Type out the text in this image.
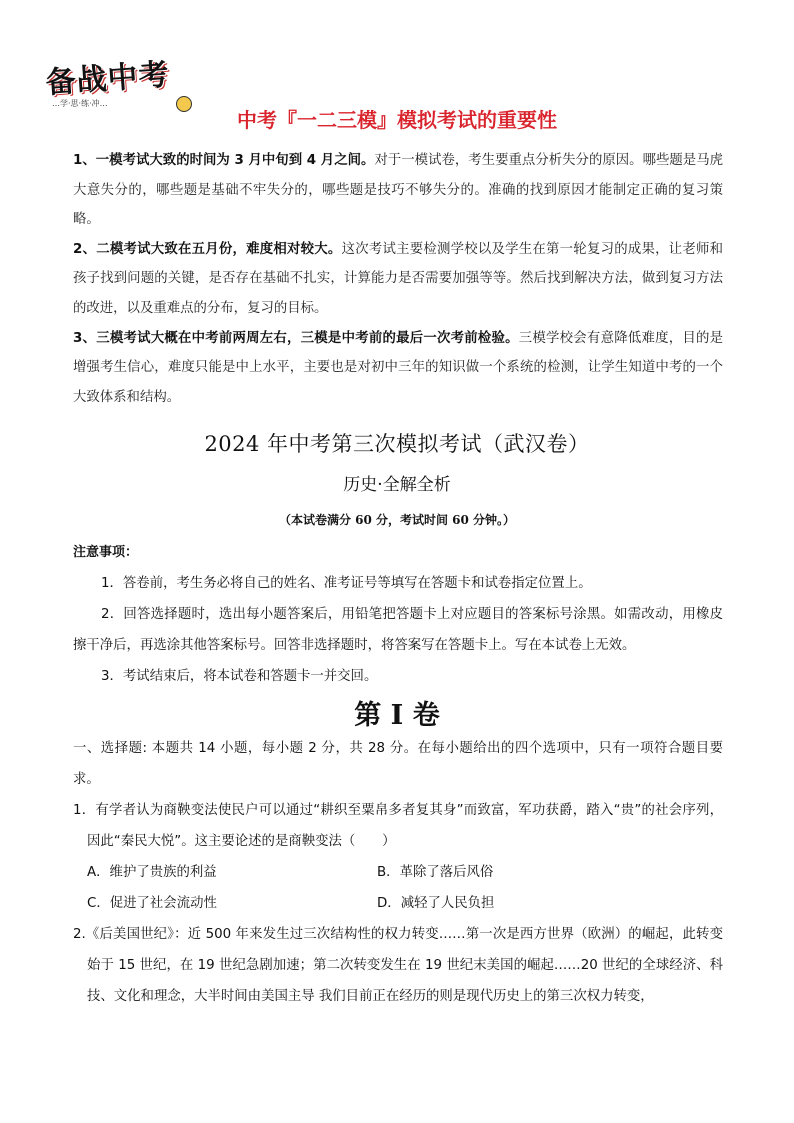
备战中考
…学·思·练·冲…
中考『一二三模』模拟考试的重要性

1、一模考试大致的时间为 3 月中旬到 4 月之间。对于一模试卷，考生要重点分析失分的原因。哪些题是马虎大意失分的，哪些题是基础不牢失分的，哪些题是技巧不够失分的。准确的找到原因才能制定正确的复习策略。

2、二模考试大致在五月份，难度相对较大。这次考试主要检测学校以及学生在第一轮复习的成果，让老师和孩子找到问题的关键，是否存在基础不扎实，计算能力是否需要加强等等。然后找到解决方法，做到复习方法的改进，以及重难点的分布，复习的目标。

3、三模考试大概在中考前两周左右，三模是中考前的最后一次考前检验。三模学校会有意降低难度，目的是增强考生信心，难度只能是中上水平，主要也是对初中三年的知识做一个系统的检测，让学生知道中考的一个大致体系和结构。

2024 年中考第三次模拟考试（武汉卷）
历史·全解全析
（本试卷满分 60 分，考试时间 60 分钟。）
注意事项：

1．答卷前，考生务必将自己的姓名、准考证号等填写在答题卡和试卷指定位置上。

2．回答选择题时，选出每小题答案后，用铅笔把答题卡上对应题目的答案标号涂黑。如需改动，用橡皮擦干净后，再选涂其他答案标号。回答非选择题时，将答案写在答题卡上。写在本试卷上无效。

3．考试结束后，将本试卷和答题卡一并交回。

第 I 卷

一、选择题: 本题共 14 小题，每小题 2 分，共 28 分。在每小题给出的四个选项中，只有一项符合题目要求。

1．有学者认为商鞅变法使民户可以通过“耕织至粟帛多者复其身”而致富，军功获爵，踏入“贵”的社会序列，因此“秦民大悦”。这主要论述的是商鞅变法（　　）

A．维护了贵族的利益	B．革除了落后风俗
C．促进了社会流动性	D．减轻了人民负担

2.《后美国世纪》：近 500 年来发生过三次结构性的权力转变……第一次是西方世界（欧洲）的崛起，此转变始于 15 世纪，在 19 世纪急剧加速；第二次转变发生在 19 世纪末美国的崛起……20 世纪的全球经济、科技、文化和理念，大半时间由美国主导 我们目前正在经历的则是现代历史上的第三次权力转变，
